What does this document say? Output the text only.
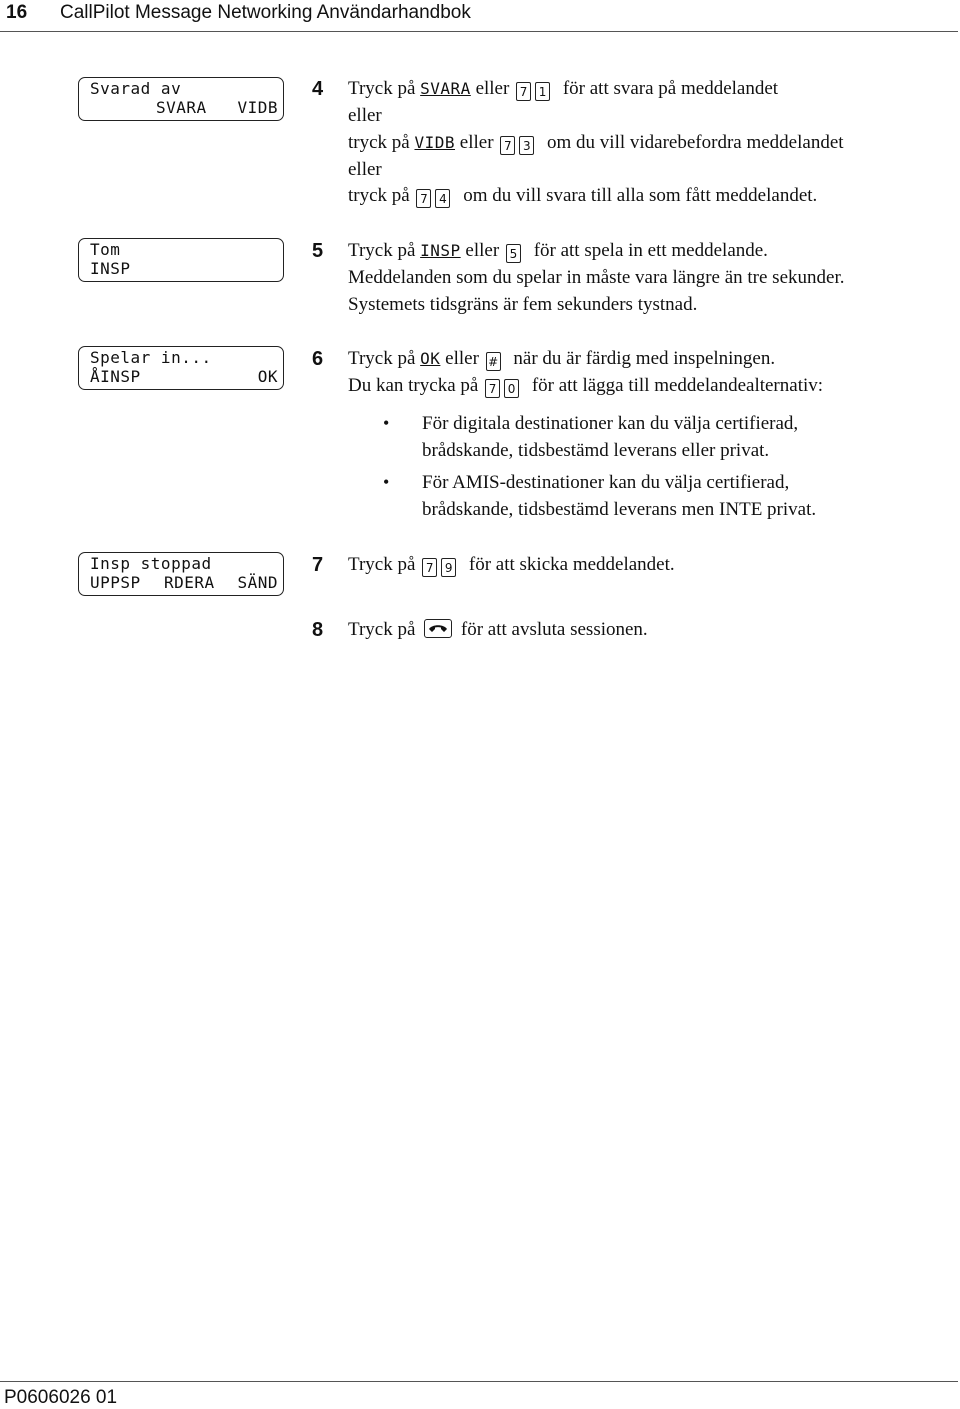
16 CallPilot Message Networking Användarhandbok
Svarad av
SVARA VIDB
Tom
INSP
Spelar in...
ÅINSP	OK
Insp stoppad
UPPSP RDERA SÄND
4 Tryck på SVARA eller 7 1 för att svara på meddelandet
eller
tryck på VIDB eller 7 3 om du vill vidarebefordra meddelandet
eller
tryck på 7 4 om du vill svara till alla som fått meddelandet.
5 Tryck på INSP eller 5 för att spela in ett meddelande.
Meddelanden som du spelar in måste vara längre än tre sekunder.
Systemets tidsgräns är fem sekunders tystnad.
6 Tryck på OK eller # när du är färdig med inspelningen.
Du kan trycka på 7 0 för att lägga till meddelandealternativ:
• För digitala destinationer kan du välja certifierad,
brådskande, tidsbestämd leverans eller privat.
• För AMIS-destinationer kan du välja certifierad,
brådskande, tidsbestämd leverans men INTE privat.
7 Tryck på 7 9 för att skicka meddelandet.
8 Tryck på för att avsluta sessionen.
P0606026 01
